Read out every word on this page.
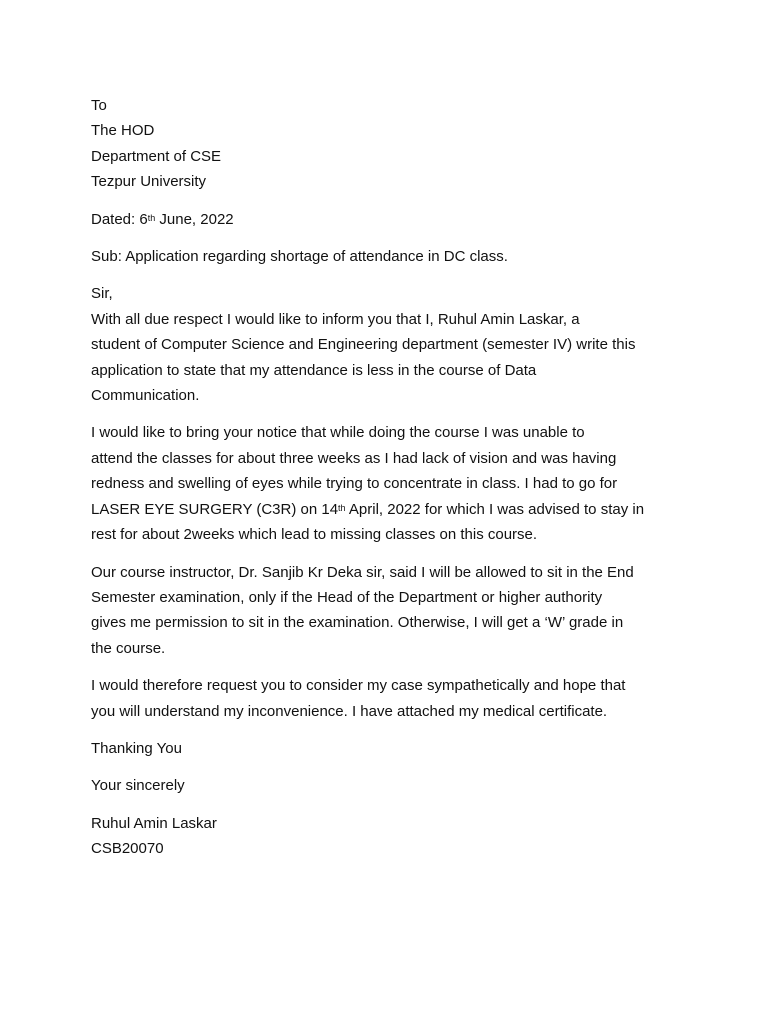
To
The HOD
Department of CSE
Tezpur University
Dated: 6th June, 2022
Sub: Application regarding shortage of attendance in DC class.
Sir,
With all due respect I would like to inform you that I, Ruhul Amin Laskar, a
student of Computer Science and Engineering department (semester IV) write this
application to state that my attendance is less in the course of Data
Communication.
I would like to bring your notice that while doing the course I was unable to
attend the classes for about three weeks as I had lack of vision and was having
redness and swelling of eyes while trying to concentrate in class. I had to go for
LASER EYE SURGERY (C3R) on 14th April, 2022 for which I was advised to stay in
rest for about 2weeks which lead to missing classes on this course.
Our course instructor, Dr. Sanjib Kr Deka sir, said I will be allowed to sit in the End
Semester examination, only if the Head of the Department or higher authority
gives me permission to sit in the examination. Otherwise, I will get a ‘W’ grade in
the course.
I would therefore request you to consider my case sympathetically and hope that
you will understand my inconvenience. I have attached my medical certificate.
Thanking You
Your sincerely
Ruhul Amin Laskar
CSB20070
